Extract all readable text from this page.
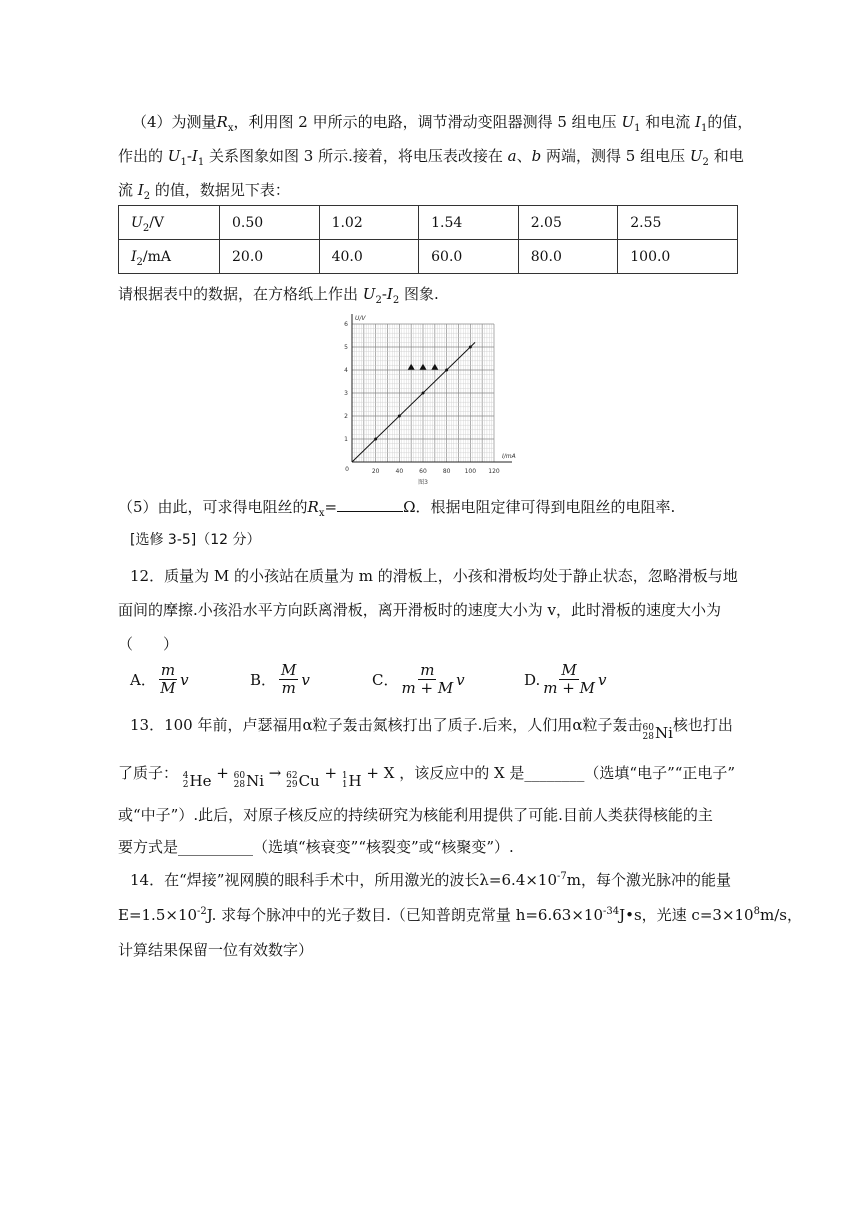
（4）为测量$R_x$，利用图 2 甲所示的电路，调节滑动变阻器测得 5 组电压 $U_1$ 和电流 $I_1$的值，
作出的 $U_1-I_1$ 关系图象如图 3 所示.接着，将电压表改接在 a、b 两端，测得 5 组电压 $U_2$ 和电
流 $I_2$ 的值，数据见下表：
$U_2/V$	0.50	1.02	1.54	2.05	2.55
$I_2/mA$	20.0	40.0	60.0	80.0	100.0
请根据表中的数据，在方格纸上作出 $U_2-I_2$ 图象.
20	40	60	80 100 120
1
2
3
4
5
6
0
I/mA
U/V
图3
（5）由此，可求得电阻丝的$R_x=$	Ω．根据电阻定律可得到电阻丝的电阻率.
[选修 3-5]（12 分）
12．质量为 M 的小孩站在质量为 m 的滑板上，小孩和滑板均处于静止状态，忽略滑板与地
面间的摩擦.小孩沿水平方向跃离滑板，离开滑板时的速度大小为 v，此时滑板的速度大小为
（　　）
A． $\frac{m}{M}$ v	B． $\frac{M}{m}$ v	C． $\frac{m}{m + M}$ v	D. $\frac{M}{m + M}$ v
13．100 年前，卢瑟福用α粒子轰击氮核打出了质子.后来，人们用α粒子轰击 60
28 Ni核也打出
了质子： 4
2 He + 60
28 Ni → 62
29 Cu + 1
1 H + X ，该反应中的 X 是________（选填“电子”“正电子”
或“中子”）.此后，对原子核反应的持续研究为核能利用提供了可能.目前人类获得核能的主
要方式是__________（选填“核衰变”“核裂变”或“核聚变”）.
14．在“焊接”视网膜的眼科手术中，所用激光的波长$\lambda=6.4\times 10^{-7}m$，每个激光脉冲的能量
$E=1.5\times 10^{-2}J$. 求每个脉冲中的光子数目.（已知普朗克常量 $h=6.63\times 10^{-34}J•s$，光速 $c=3\times 10^8m/s$，
计算结果保留一位有效数字）
